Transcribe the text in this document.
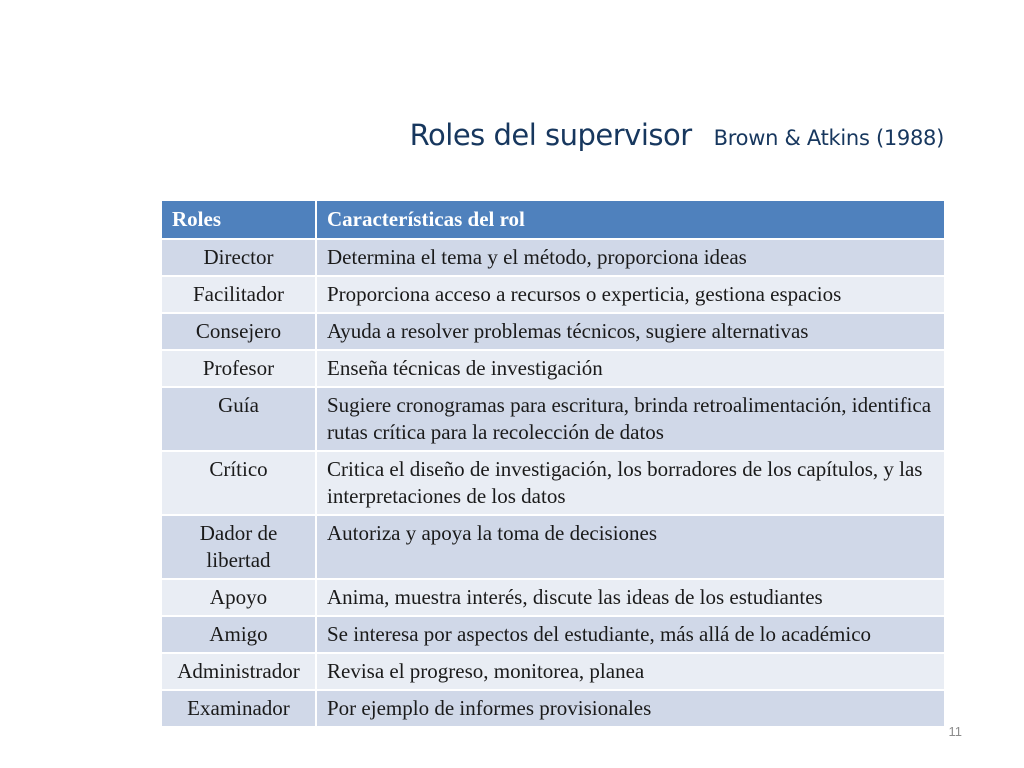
Roles del supervisor Brown & Atkins (1988)
Roles	Características del rol
Director	Determina el tema y el método, proporciona ideas
Facilitador	Proporciona acceso a recursos o experticia, gestiona espacios
Consejero	Ayuda a resolver problemas técnicos, sugiere alternativas
Profesor	Enseña técnicas de investigación
Guía	Sugiere cronogramas para escritura, brinda retroalimentación, identifica rutas crítica para la recolección de datos
Crítico	Critica el diseño de investigación, los borradores de los capítulos, y las interpretaciones de los datos
Dador de libertad	Autoriza y apoya la toma de decisiones
Apoyo	Anima, muestra interés, discute las ideas de los estudiantes
Amigo	Se interesa por aspectos del estudiante, más allá de lo académico
Administrador	Revisa el progreso, monitorea, planea
Examinador	Por ejemplo de informes provisionales
11
